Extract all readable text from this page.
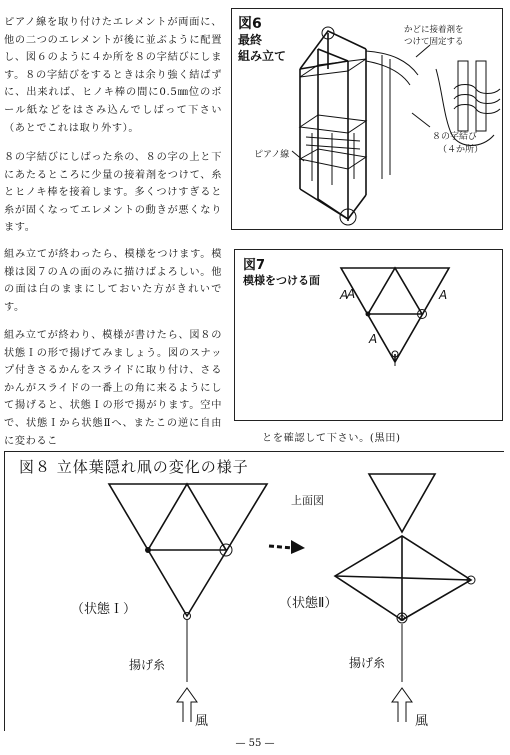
ピアノ線を取り付けたエレメントが両面に、他の二つのエレメントが後に並ぶように配置し、図６のように４か所を８の字結びにします。８の字結びをするときは余り強く結ばずに、出来れば、ヒノキ棒の間に0.5㎜位のボール紙などをはさみ込んでしばって下さい（あとでこれは取り外す）。

８の字結びにしばった糸の、８の字の上と下にあたるところに少量の接着剤をつけて、糸とヒノキ棒を接着します。多くつけすぎると糸が固くなってエレメントの動きが悪くなります。

組み立てが終わったら、模様をつけます。模様は図７のＡの面のみに描けばよろしい。他の面は白のままにしておいた方がきれいです。

組み立てが終わり、模様が書けたら、図８の状態Ｉの形で揚げてみましょう。図のスナップ付きさるかんをスライドに取り付け、さるかんがスライドの一番上の角に来るようにして揚げると、状態Ｉの形で揚がります。空中で、状態Ｉから状態Ⅱへ、またこの逆に自由に変わるこ	とを確認して下さい。(黒田)

図6
最終
組み立て
かどに接着剤を
つけて固定する
ピアノ線
８の字結び
（４か所）
図7
模様をつける面
A
A	A
A
図８ 立体葉隠れ凧の変化の様子
上面図
（状態Ｉ）	（状態Ⅱ）
揚げ糸	揚げ糸
風	風
— 55 —
